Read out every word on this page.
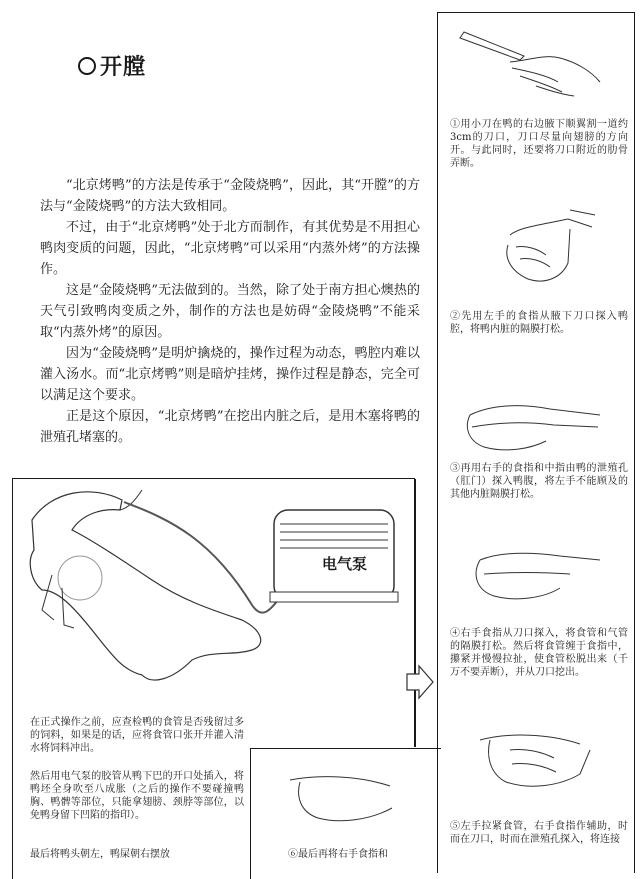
开膛

“北京烤鸭”的方法是传承于“金陵烧鸭”，因此，其“开膛”的方法与“金陵烧鸭”的方法大致相同。

不过，由于“北京烤鸭”处于北方而制作，有其优势是不用担心鸭肉变质的问题，因此，“北京烤鸭”可以采用“内蒸外烤”的方法操作。

这是“金陵烧鸭”无法做到的。当然，除了处于南方担心燠热的天气引致鸭肉变质之外，制作的方法也是妨碍“金陵烧鸭”不能采取“内蒸外烤”的原因。

因为“金陵烧鸭”是明炉擒烧的，操作过程为动态，鸭腔内难以灌入汤水。而“北京烤鸭”则是暗炉挂烤，操作过程是静态，完全可以满足这个要求。

正是这个原因，“北京烤鸭”在挖出内脏之后，是用木塞将鸭的泄殖孔堵塞的。

①用小刀在鸭的右边腋下顺翼割一道约3cm的刀口，刀口尽量向翅膀的方向开。与此同时，还要将刀口附近的肋骨弄断。
②先用左手的食指从腋下刀口探入鸭腔，将鸭内脏的隔膜打松。
③再用右手的食指和中指由鸭的泄殖孔（肛门）探入鸭腹，将左手不能顾及的其他内脏隔膜打松。
④右手食指从刀口探入，将食管和气管的隔膜打松。然后将食管缠于食指中，攥紧并慢慢拉扯，使食管松脱出来（千万不要弄断），并从刀口挖出。
⑤左手拉紧食管，右手食指作辅助，时而在刀口，时而在泄殖孔探入，将连接
电气泵
在正式操作之前，应查检鸭的食管是否残留过多的饲料，如果是的话，应将食管口张开并灌入清水将饲料冲出。
然后用电气泵的胶管从鸭下巴的开口处插入，将鸭坯全身吹至八成胀（之后的操作不要碰撞鸭胸、鸭髀等部位，只能拿翅膀、颈脖等部位，以免鸭身留下凹陷的指印）。
最后将鸭头朝左，鸭屎朝右摆放	⑥最后再将右手食指和
